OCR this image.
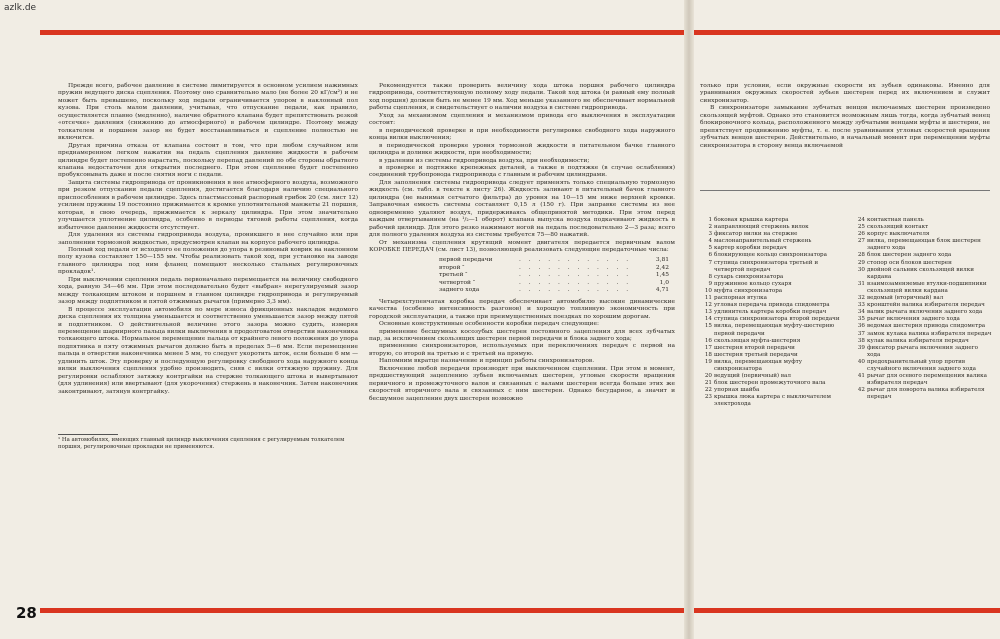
azlk.de

Прежде всего, рабочее давление в системе лимитируется в основном усилием нажимных пружин ведущего диска сцепления. Поэтому оно сравнительно мало (не более 20 кГ/см²) и не может быть превышено, поскольку ход педали ограничивается упором в наклонный пол кузова. При столь малом давлении, учитывая, что отпускание педали, как правило, осуществляется плавно (медленно), наличие обратного клапана будет препятствовать резкой «отсечке» давления (снижению до атмосферного) в рабочем цилиндре. Поэтому между толкателем и поршнем зазор не будет восстанавливаться и сцепление полностью не включится.

Другая причина отказа от клапана состоит в том, что при любом случайном или преднамеренном легком нажатии на педаль сцепления давление жидкости в рабочем цилиндре будет постепенно нарастать, поскольку перепад давлений по обе стороны обратного клапана недостаточен для открытия последнего. При этом сцепление будет постепенно пробуксовывать даже и после снятия ноги с педали.

Защита системы гидропривода от проникновения в нее атмосферного воздуха, возможного при резком отпускании педали сцепления, достигается благодаря наличию специального приспособления в рабочем цилиндре. Здесь пластмассовый распорный грибок 20 (см. лист 12) усилием пружины 19 постоянно прижимается к кромке уплотнительной манжеты 21 поршня, которая, в свою очередь, прижимается к зеркалу цилиндра. При этом значительно улучшается уплотнение цилиндра, особенно в периоды тяговой работы сцепления, когда избыточное давление жидкости отсутствует.

Для удаления из системы гидропривода воздуха, проникшего в нее случайно или при заполнении тормозной жидкостью, предусмотрен клапан на корпусе рабочего цилиндра.

Полный ход педали от исходного ее положения до упора в резиновый коврик на наклонном полу кузова составляет 150—155 мм. Чтобы реализовать такой ход, при установке на заводе главного цилиндра под ним фланец помещают несколько стальных регулировочных прокладок¹.

При выключении сцепления педаль первоначально перемещается на величину свободного хода, равную 34—46 мм. При этом последовательно будет «выбран» нерегулируемый зазор между толкающим штоком и поршнем в главном цилиндре гидропривода и регулируемый зазор между подпятником и пятой отжимных рычагов (примерно 3,3 мм).

В процессе эксплуатации автомобиля по мере износа фрикционных накладок ведомого диска сцепления их толщина уменьшается и соответственно уменьшается зазор между пятой и подпятником. О действительной величине этого зазора можно судить, измеряя перемещение шарнирного пальца вилки выключения в продолговатом отверстии наконечника толкающего штока. Нормальное перемещение пальца от крайнего левого положения до упора подпятника в пяту отжимных рычагов должно быть в пределах 5—6 мм. Если перемещение пальца в отверстии наконечника менее 5 мм, то следует укоротить шток, если больше 6 мм — удлинить шток. Эту проверку и последующую регулировку свободного хода наружного конца вилки выключения сцепления удобно производить, сняв с вилки оттяжную пружину. Для регулировки ослабляют затяжку контргайки на стержне толкающего штока и вывертывают (для удлинения) или ввертывают (для укорочения) стержень в наконечник. Затем наконечник законтривают, затянув контргайку.

¹ На автомобилях, имеющих главный цилиндр выключения сцепления с регулируемым толкателем поршня, регулировочные прокладки не применяются.

Рекомендуется также проверить величину хода штока поршня рабочего цилиндра гидропривода, соответствующую полному ходу педали. Такой ход штока (и равный ему полный ход поршня) должен быть не менее 19 мм. Ход меньше указанного не обеспечивает нормальной работы сцепления, и свидетельствует о наличии воздуха в системе гидропривода.

Уход за механизмом сцепления и механизмом привода его выключения в эксплуатации состоит:

в периодической проверке и при необходимости регулировке свободного хода наружного конца вилки выключения;

в периодической проверке уровня тормозной жидкости в питательном бачке главного цилиндра и доливке жидкости, при необходимости;

в удалении из системы гидропривода воздуха, при необходимости;

в проверке и подтяжке крепежных деталей, а также в подтяжке (в случае ослабления) соединений трубопровода гидропривода с главным и рабочим цилиндрами.

Для заполнения системы гидропривода следует применять только специальную тормозную жидкость (см. табл. в тексте к листу 26). Жидкость заливают в питательный бачок главного цилиндра (не вынимая сетчатого фильтра) до уровня на 10—15 мм ниже верхней кромки. Заправочная емкость системы составляет 0,15 л (150 г). При заправке системы из нее одновременно удаляют воздух, придерживаясь общепринятой методики. При этом перед каждым отвертыванием (на ¹/₂—1 оборот) клапана выпуска воздуха подкачивают жидкость в рабочий цилиндр. Для этого резко нажимают ногой на педаль последовательно 2—3 раза; всего для полного удаления воздуха из системы требуется 75—80 нажатий.

От механизма сцепления крутящий момент двигателя передается первичным валом КОРОБКЕ ПЕРЕДАЧ (см. лист 13), позволяющей реализовать следующие передаточные числа:

первой передачи	. . . . . . . . . . . .	3,81
второй ″	. . . . . . . . . . . .	2,42
третьей ″	. . . . . . . . . . . .	1,45
четвертой ″	. . . . . . . . . . . .	1,0
заднего хода	. . . . . . . . . . . .	4,71

Четырехступенчатая коробка передач обеспечивает автомобилю высокие динамические качества (особенно интенсивность разгонов) и хорошую топливную экономичность при городской эксплуатации, а также при преимущественных поездках по хорошим дорогам.

Основные конструктивные особенности коробки передач следующие:

применение бесшумных косозубых шестерен постоянного зацепления для всех зубчатых пар, за исключением скользящих шестерен первой передачи и блока заднего хода;

применение синхронизаторов, используемых при переключениях передач с первой на вторую, со второй на третью и с третьей на прямую.

Напомним вкратце назначение и принцип работы синхронизаторов.

Включение любой передачи производят при выключенном сцеплении. При этом в момент, предшествующий зацеплению зубьев включаемых шестерен, угловые скорости вращения первичного и промежуточного валов и связанных с валами шестерен всегда больше этих же скоростей вторичного вала и связанных с ним шестерен. Однако бесударное, а значит и бесшумное зацепление двух шестерен возможно

только при условии, если окружные скорости их зубьев одинаковы. Именно для уравнивания окружных скоростей зубьев шестерен перед их включением и служит синхронизатор.

В синхронизаторе замыкание зубчатых венцов включаемых шестерен произведено скользящей муфтой. Однако это становится возможным лишь тогда, когда зубчатый венец блокировочного кольца, расположенного между зубчатыми венцами муфты и шестерни, не препятствует продвижению муфты, т. е. после уравнивания угловых скоростей вращения зубчатых венцов шестерен. Действительно, в начальный момент при перемещении муфты синхронизатора в сторону венца включаемой

1 боковая крышка картера
2 направляющий стержень вилок
3 фиксатор вилки на стержне
4 маслонаправительный стержень
5 картер коробки передач
6 блокирующее кольцо синхронизатора
7 ступица синхронизатора третьей и четвертой передач
8 сухарь синхронизатора
9 пружинное кольцо сухаря
10 муфта синхронизатора
11 распорная втулка
12 угловая передача привода спидометра
13 удлинитель картера коробки передач
14 ступица синхронизатора второй передачи
15 вилка, перемещающая муфту-шестерню первой передачи
16 скользящая муфта-шестерня
17 шестерня второй передачи
18 шестерня третьей передачи
19 вилка, перемещающая муфту синхронизатора
20 ведущий (первичный) вал
21 блок шестерен промежуточного вала
22 упорная шайба
23 крышка люка картера с выключателем электрохода
24 контактная панель
25 скользящий контакт
26 корпус выключателя
27 вилка, перемещающая блок шестерен заднего хода
28 блок шестерен заднего хода
29 стопор оси блоков шестерен
30 двойной сальник скользящей вилки кардана
31 взаимозаменяемые втулки-подшипники скользящей вилки кардана
32 ведомый (вторичный) вал
33 кронштейн валика избирателя передач
34 валик рычага включения заднего хода
35 рычаг включения заднего хода
36 ведомая шестерня привода спидометра
37 замок кулака валика избирателя передач
38 кулак валика избирателя передач
39 фиксатор рычага включения заднего хода
40 предохранительный упор против случайного включения заднего хода
41 рычаг для осевого перемещения валика избирателя передач
42 рычаг для поворота валика избирателя передач
28
